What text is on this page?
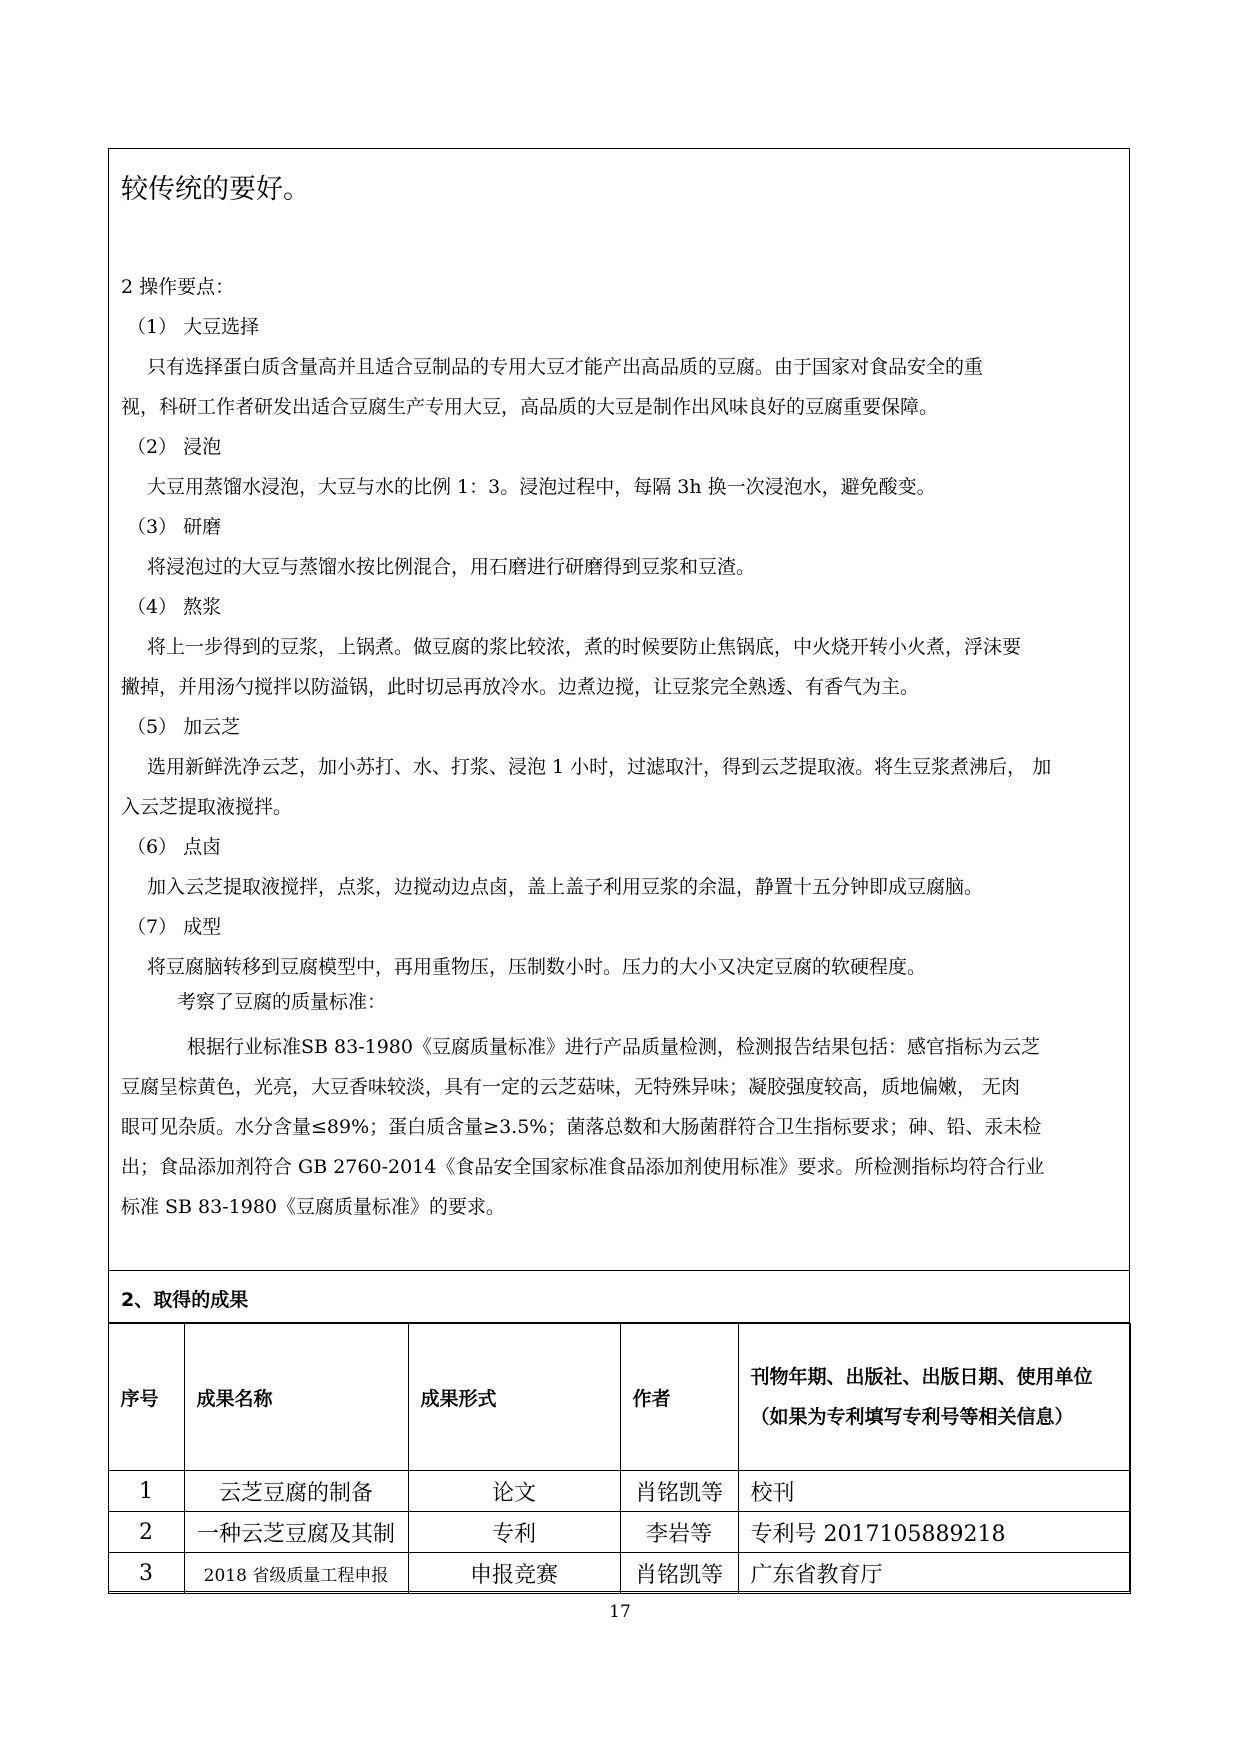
较传统的要好。

2 操作要点：

（1） 大豆选择

只有选择蛋白质含量高并且适合豆制品的专用大豆才能产出高品质的豆腐。由于国家对食品安全的重

视，科研工作者研发出适合豆腐生产专用大豆，高品质的大豆是制作出风味良好的豆腐重要保障。

（2） 浸泡

大豆用蒸馏水浸泡，大豆与水的比例 1：3。浸泡过程中，每隔 3h 换一次浸泡水，避免酸变。

（3） 研磨

将浸泡过的大豆与蒸馏水按比例混合，用石磨进行研磨得到豆浆和豆渣。

（4） 熬浆

将上一步得到的豆浆，上锅煮。做豆腐的浆比较浓，煮的时候要防止焦锅底，中火烧开转小火煮，浮沫要

撇掉，并用汤勺搅拌以防溢锅，此时切忌再放冷水。边煮边搅，让豆浆完全熟透、有香气为主。

（5） 加云芝

选用新鲜洗净云芝，加小苏打、水、打浆、浸泡 1 小时，过滤取汁，得到云芝提取液。将生豆浆煮沸后， 加

入云芝提取液搅拌。

（6） 点卤

加入云芝提取液搅拌，点浆，边搅动边点卤，盖上盖子利用豆浆的余温，静置十五分钟即成豆腐脑。

（7） 成型

将豆腐脑转移到豆腐模型中，再用重物压，压制数小时。压力的大小又决定豆腐的软硬程度。

考察了豆腐的质量标准：

根据行业标准SB 83-1980《豆腐质量标准》进行产品质量检测，检测报告结果包括：感官指标为云芝

豆腐呈棕黄色，光亮，大豆香味较淡，具有一定的云芝菇味，无特殊异味；凝胶强度较高，质地偏嫩， 无肉

眼可见杂质。水分含量≤89%；蛋白质含量≥3.5%；菌落总数和大肠菌群符合卫生指标要求；砷、铅、汞未检

出；食品添加剂符合 GB 2760-2014《食品安全国家标准食品添加剂使用标准》要求。所检测指标均符合行业

标准 SB 83-1980《豆腐质量标准》的要求。

2、取得的成果
序号	成果名称	成果形式	作者	刊物年期、出版社、出版日期、使用单位（如果为专利填写专利号等相关信息）
1	云芝豆腐的制备	论文	肖铭凯等	校刊
2	一种云芝豆腐及其制	专利	李岩等	专利号 2017105889218
3	2018 省级质量工程申报	申报竞赛	肖铭凯等	广东省教育厅
17
